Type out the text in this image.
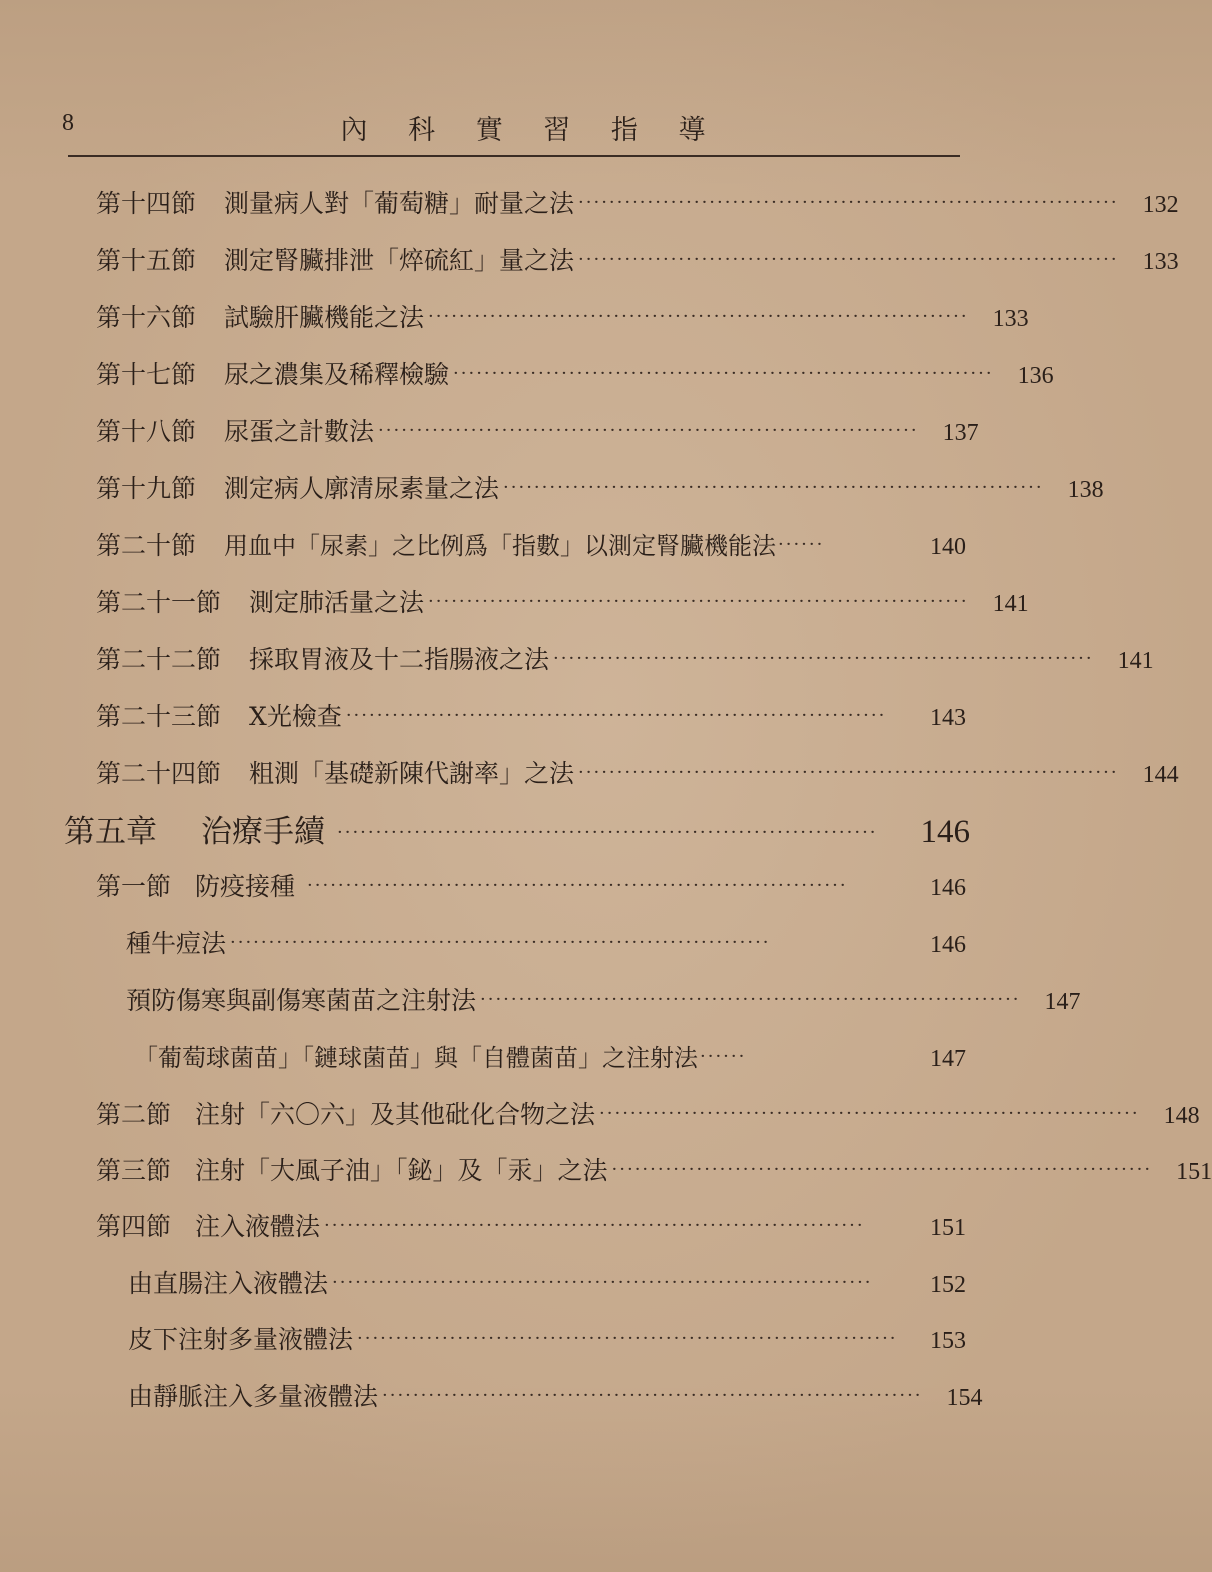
8	內 科 實 習 指 導
第十四節	測量病人對「葡萄糖」耐量之法 ······································································	132
第十五節	測定腎臟排泄「焠硫紅」量之法 ······································································	133
第十六節	試驗肝臟機能之法 ······································································	133
第十七節	尿之濃集及稀釋檢驗 ······································································	136
第十八節	尿蛋之計數法 ······································································	137
第十九節	測定病人廓清尿素量之法 ······································································	138
第二十節	用血中「尿素」之比例爲「指數」以測定腎臟機能法 ······	140
第二十一節	測定肺活量之法 ······································································	141
第二十二節	採取胃液及十二指腸液之法 ······································································	141
第二十三節	X光檢查 ······································································	143
第二十四節	粗測「基礎新陳代謝率」之法 ······································································	144
第五章	治療手續 ······································································	146
第一節 防疫接種 ······································································	146
種牛痘法 ······································································	146
預防傷寒與副傷寒菌苗之注射法 ······································································	147
「葡萄球菌苗」「鏈球菌苗」與「自體菌苗」之注射法 ······	147
第二節 注射「六〇六」及其他砒化合物之法 ······································································	148
第三節 注射「大風子油」「鉍」及「汞」之法 ······································································	151
第四節 注入液體法 ······································································	151
由直腸注入液體法 ······································································	152
皮下注射多量液體法 ······································································	153
由靜脈注入多量液體法 ······································································	154
